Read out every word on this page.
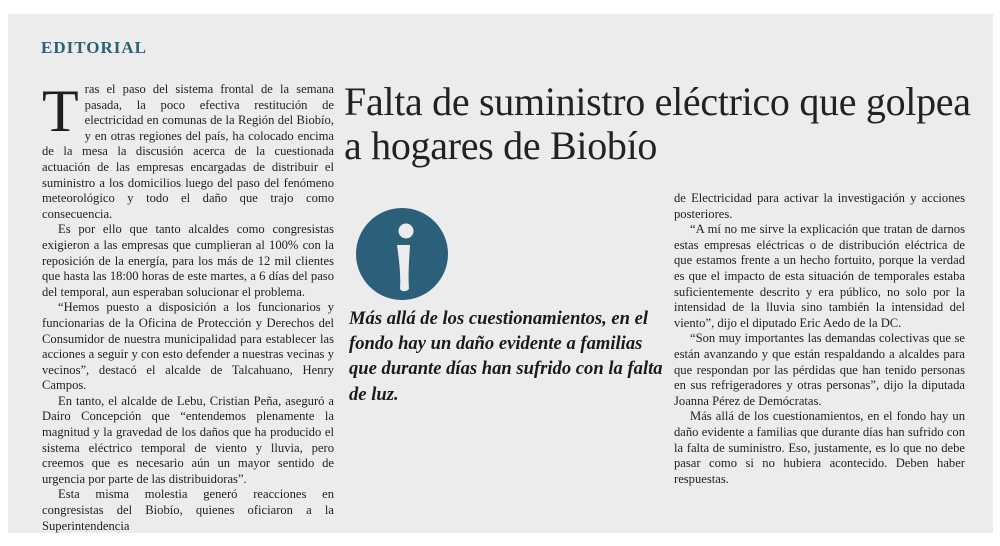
EDITORIAL

Tras el paso del sistema frontal de la semana pasada, la poco efectiva restitución de electricidad en comunas de la Región del Biobío, y en otras regiones del país, ha colocado encima de la mesa la discusión acerca de la cuestionada actuación de las empresas encargadas de distribuir el suministro a los domicilios luego del paso del fenómeno meteorológico y todo el daño que trajo como consecuencia.

Es por ello que tanto alcaldes como congresistas exigieron a las empresas que cumplieran al 100% con la reposición de la energía, para los más de 12 mil clientes que hasta las 18:00 horas de este martes, a 6 días del paso del temporal, aun esperaban solucionar el problema.

“Hemos puesto a disposición a los funcionarios y funcionarias de la Oficina de Protección y Derechos del Consumidor de nuestra municipalidad para establecer las acciones a seguir y con esto defender a nuestras vecinas y vecinos”, destacó el alcalde de Talcahuano, Henry Campos.

En tanto, el alcalde de Lebu, Cristian Peña, aseguró a Dairo Concepción que “entendemos plenamente la magnitud y la gravedad de los daños que ha producido el sistema eléctrico temporal de viento y lluvia, pero creemos que es necesario aún un mayor sentido de urgencia por parte de las distribuidoras”.

Esta misma molestia generó reacciones en congresistas del Biobío, quienes oficiaron a la Superintendencia

Falta de suministro eléctrico que golpea a hogares de Biobío

Más allá de los cuestionamientos, en el fondo hay un daño evidente a familias que durante días han sufrido con la falta de luz.

de Electricidad para activar la investigación y acciones posteriores.

“A mí no me sirve la explicación que tratan de darnos estas empresas eléctricas o de distribución eléctrica de que estamos frente a un hecho fortuito, porque la verdad es que el impacto de esta situación de temporales estaba suficientemente descrito y era público, no solo por la intensidad de la lluvia sino también la intensidad del viento”, dijo el diputado Eric Aedo de la DC.

“Son muy importantes las demandas colectivas que se están avanzando y que están respaldando a alcaldes para que respondan por las pérdidas que han tenido personas en sus refrigeradores y otras personas”, dijo la diputada Joanna Pérez de Demócratas.

Más allá de los cuestionamientos, en el fondo hay un daño evidente a familias que durante días han sufrido con la falta de suministro. Eso, justamente, es lo que no debe pasar como si no hubiera acontecido. Deben haber respuestas.
